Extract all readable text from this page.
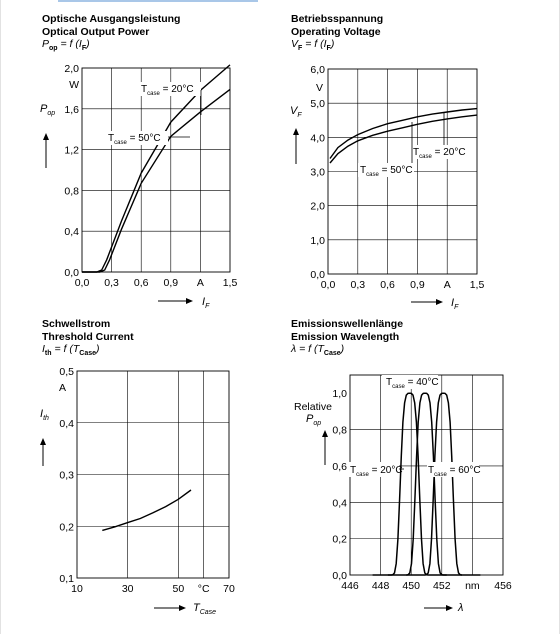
Optische Ausgangsleistung
Optical Output Power
$P_{op} = f$ $(I_F)$
Betriebsspannung
Operating Voltage
$V_F = f$ $(I_F)$
Schwellstrom
Threshold Current
$I_{th} = f$ $(T_{Case})$
Emissionswellenlänge
Emission Wavelength
λ = f $(T_{Case})$
0,0 0,3 0,6 0,9 A 1,5
0,0
0,4
0,8
1,2
1,6
2,0
W
$P_{op}$
$I_F$
$T_{case} = 20^\circ C$
$T_{case} = 50^\circ C$
0,0 0,3 0,6 0,9 A 1,5
0,0
1,0
2,0
3,0
4,0
5,0
6,0
V
$V_F$
$I_F$
$T_{case} = 20^\circ C$
$T_{case} = 50^\circ C$
10	30	50 °C 70
0,1
0,2
0,3
0,4
0,5
A
$I_{th}$
$T_{Case}$
446 448 450 452 nm 456
0,0
0,2
0,4
0,6
0,8
1,0
Relative
$P_{op}$
λ
$T_{case} = 40^\circ C$
$T_{case} = 20^\circ C$	$T_{case} = 60^\circ C$
